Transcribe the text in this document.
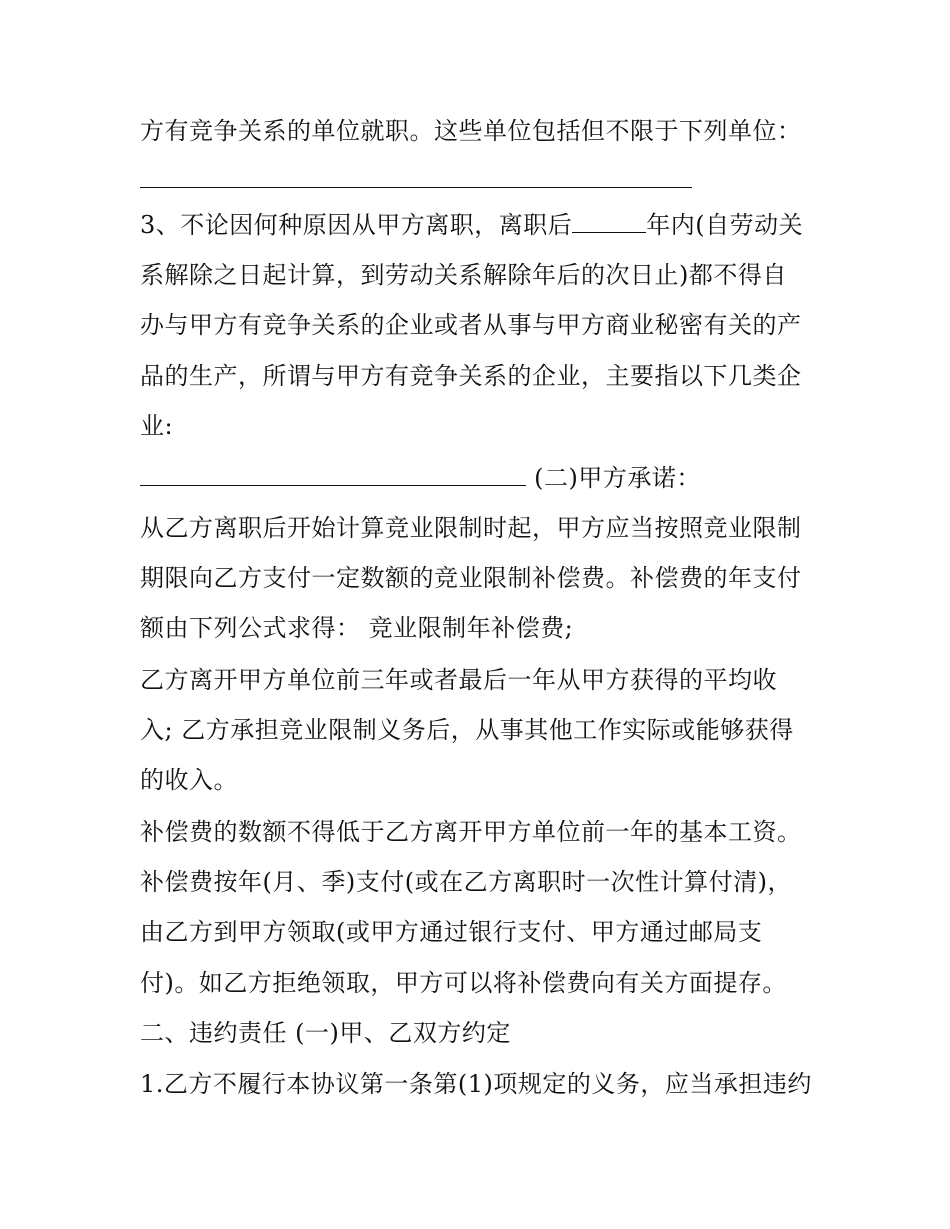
方有竞争关系的单位就职。这些单位包括但不限于下列单位：
3、不论因何种原因从甲方离职，离职后	年内(自劳动关
系解除之日起计算，到劳动关系解除年后的次日止)都不得自
办与甲方有竞争关系的企业或者从事与甲方商业秘密有关的产
品的生产，所谓与甲方有竞争关系的企业，主要指以下几类企
业:
(二)甲方承诺：
从乙方离职后开始计算竞业限制时起，甲方应当按照竞业限制
期限向乙方支付一定数额的竞业限制补偿费。补偿费的年支付
额由下列公式求得： 竞业限制年补偿费;
乙方离开甲方单位前三年或者最后一年从甲方获得的平均收
入; 乙方承担竞业限制义务后，从事其他工作实际或能够获得
的收入。
补偿费的数额不得低于乙方离开甲方单位前一年的基本工资。
补偿费按年(月、季)支付(或在乙方离职时一次性计算付清)，
由乙方到甲方领取(或甲方通过银行支付、甲方通过邮局支
付)。如乙方拒绝领取，甲方可以将补偿费向有关方面提存。
二、违约责任 (一)甲、乙双方约定
1.乙方不履行本协议第一条第(1)项规定的义务，应当承担违约
